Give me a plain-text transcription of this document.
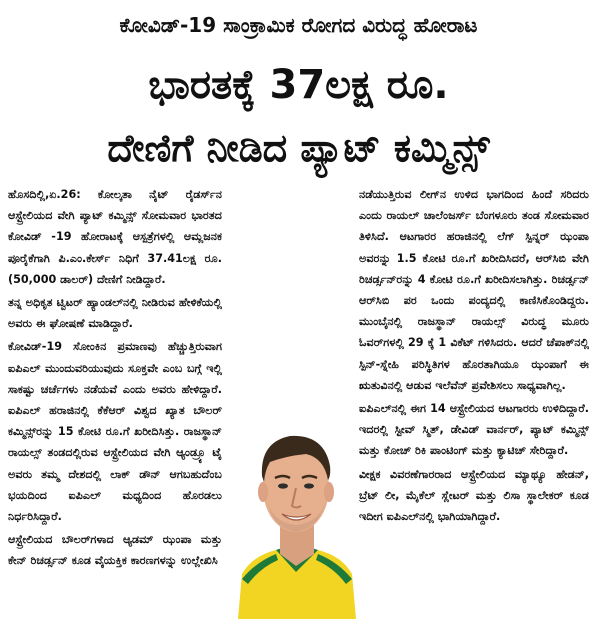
ಕೋವಿಡ್-19 ಸಾಂಕ್ರಾಮಿಕ ರೋಗದ ವಿರುದ್ಧ ಹೋರಾಟ
ಭಾರತಕ್ಕೆ 37ಲಕ್ಷ ರೂ.
ದೇಣಿಗೆ ನೀಡಿದ ಪ್ಯಾಟ್ ಕಮ್ಮಿನ್ಸ್

ಹೊಸದಿಲ್ಲಿ,ಏ.26: ಕೋಲ್ಕತಾ ನೈಟ್ ರೈಡರ್ಸ್‌ನ ಆಸ್ಟ್ರೇಲಿಯದ ವೇಗಿ ಪ್ಯಾಟ್ ಕಮ್ಮಿನ್ಸ್ ಸೋಮವಾರ ಭಾರತದ ಕೋವಿಡ್ -19 ಹೋರಾಟಕ್ಕೆ ಆಸ್ಪತ್ರೆಗಳಲ್ಲಿ ಆಮ್ಲಜನಕ ಪೂರೈಕೆಗಾಗಿ ಪಿ.ಎಂ.ಕೇರ್ಸ್ ನಿಧಿಗೆ 37.41ಲಕ್ಷ ರೂ. (50,000 ಡಾಲರ್) ದೇಣಿಗೆ ನೀಡಿದ್ದಾರೆ.

ತನ್ನ ಅಧಿಕೃತ ಟ್ವಿಟರ್ ಹ್ಯಾಂಡಲ್‌ನಲ್ಲಿ ನೀಡಿರುವ ಹೇಳಿಕೆಯಲ್ಲಿ ಅವರು ಈ ಘೋಷಣೆ ಮಾಡಿದ್ದಾರೆ.

ಕೋವಿಡ್-19 ಸೋಂಕಿನ ಪ್ರಮಾಣವು ಹೆಚ್ಚುತ್ತಿರುವಾಗ ಐಪಿಎಲ್ ಮುಂದುವರಿಯುವುದು ಸೂಕ್ತವೇ ಎಂಬ ಬಗ್ಗೆ ಇಲ್ಲಿ ಸಾಕಷ್ಟು ಚರ್ಚೆಗಳು ನಡೆಯವೆ ಎಂದು ಅವರು ಹೇಳಿದ್ದಾರೆ. ಐಪಿಎಲ್ ಹರಾಜಿನಲ್ಲಿ ಕೆಕೆಆರ್ ವಿಶ್ವದ ಖ್ಯಾತ ಬೌಲರ್ ಕಮ್ಮಿನ್ಸ್‌ರನ್ನು 15 ಕೋಟಿ ರೂ.ಗೆ ಖರೀದಿಸಿತ್ತು. ರಾಜಸ್ಥಾನ್ ರಾಯಲ್ಸ್ ತಂಡದಲ್ಲಿರುವ ಆಸ್ಟ್ರೇಲಿಯದ ವೇಗಿ ಆ್ಯಂಡ್ರ್ಯೂ ಟೈ ಅವರು ತಮ್ಮ ದೇಶದಲ್ಲಿ ಲಾಕ್ ಡೌನ್ ಆಗಬಹುದೆಂಬ ಭಯದಿಂದ ಐಪಿಎಲ್ ಮಧ್ಯದಿಂದ ಹೊರಡಲು ನಿರ್ಧರಿಸಿದ್ದಾರೆ.

ಆಸ್ಟ್ರೇಲಿಯದ ಬೌಲರ್‌ಗಳಾದ ಆ್ಯಡಮ್ ಝಂಪಾ ಮತ್ತು ಕೇನ್ ರಿಚರ್ಡ್ಸನ್ ಕೂಡ ವೈಯಕ್ತಿಕ ಕಾರಣಗಳನ್ನು ಉಲ್ಲೇಖಿಸಿ

ನಡೆಯುತ್ತಿರುವ ಲೀಗ್‌ನ ಉಳಿದ ಭಾಗದಿಂದ ಹಿಂದೆ ಸರಿದರು ಎಂದು ರಾಯಲ್ ಚಾಲೆಂಜರ್ಸ್ ಬೆಂಗಳೂರು ತಂಡ ಸೋಮವಾರ ತಿಳಿಸಿದೆ. ಆಟಗಾರರ ಹರಾಜಿನಲ್ಲಿ ಲೆಗ್ ಸ್ಪಿನ್ನರ್ ಝಂಪಾ ಅವರನ್ನು 1.5 ಕೋಟಿ ರೂ.ಗೆ ಖರೀದಿಸಿದರೆ, ಆರ್‌ಸಿಬಿ ವೇಗಿ ರಿಚರ್ಡ್ಸನ್‌ರನ್ನು 4 ಕೋಟಿ ರೂ.ಗೆ ಖರೀದಿಸಲಾಗಿತ್ತು. ರಿಚರ್ಡ್ಸನ್ ಆರ್‌ಸಿಬಿ ಪರ ಒಂದು ಪಂದ್ಯದಲ್ಲಿ ಕಾಣಿಸಿಕೊಂಡಿದ್ದರು. ಮುಂಬೈನಲ್ಲಿ ರಾಜಸ್ಥಾನ್ ರಾಯಲ್ಸ್ ವಿರುದ್ಧ ಮೂರು ಓವರ್‌ಗಳಲ್ಲಿ 29 ಕ್ಕೆ 1 ವಿಕೆಟ್ ಗಳಿಸಿದರು. ಆದರೆ ಚೆಪಾಕ್‌ನಲ್ಲಿ ಸ್ಪಿನ್-ಸ್ನೇಹಿ ಪರಿಸ್ಥಿತಿಗಳ ಹೊರತಾಗಿಯೂ ಝಂಪಾಗೆ ಈ ಋತುವಿನಲ್ಲಿ ಆಡುವ ಇಲೆವೆನ್ ಪ್ರವೇಶಿಸಲು ಸಾಧ್ಯವಾಗಿಲ್ಲ.

ಐಪಿಎಲ್‌ನಲ್ಲಿ ಈಗ 14 ಆಸ್ಟ್ರೇಲಿಯದ ಆಟಗಾರರು ಉಳಿದಿದ್ದಾರೆ. ಇದರಲ್ಲಿ ಸ್ಟೀವ್ ಸ್ಮಿತ್, ಡೇವಿಡ್ ವಾರ್ನರ್, ಪ್ಯಾಟ್ ಕಮ್ಮಿನ್ಸ್ ಮತ್ತು ಕೋಚ್ ರಿಕಿ ಪಾಂಟಿಂಗ್ ಮತ್ತು ಕ್ಯಾಟಿಚ್ ಸೇರಿದ್ದಾರೆ.

ವೀಕ್ಷಕ ವಿವರಣೆಗಾರರಾದ ಆಸ್ಟ್ರೇಲಿಯದ ಮ್ಯಾಥ್ಯೂ ಹೇಡನ್, ಬ್ರೆಟ್ ಲೀ, ಮೈಕೆಲ್ ಸ್ಲೇಟರ್ ಮತ್ತು ಲಿಸಾ ಸ್ಥಾಲೇಕರ್ ಕೂಡ ಇದೀಗ ಐಪಿಎಲ್‌ನಲ್ಲಿ ಭಾಗಿಯಾಗಿದ್ದಾರೆ.
